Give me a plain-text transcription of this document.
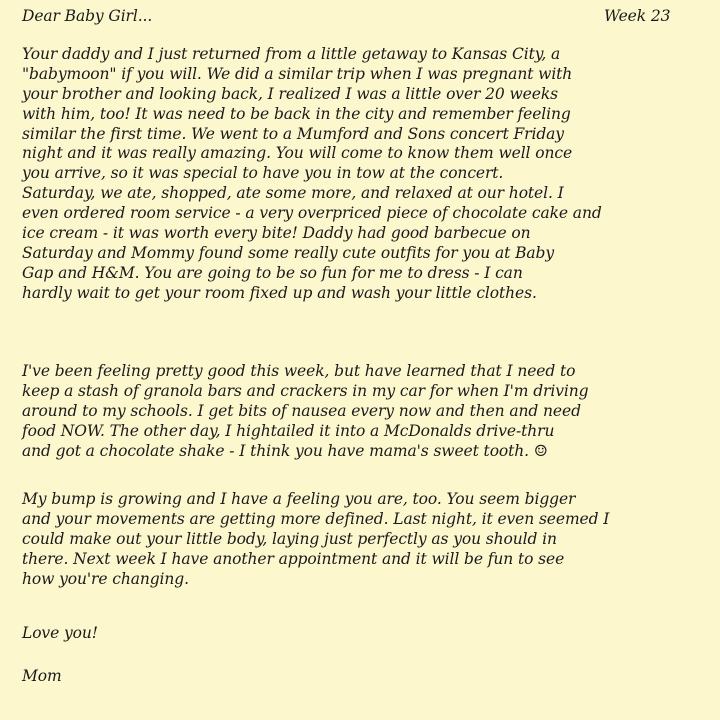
Dear Baby Girl...	Week 23
Your daddy and I just returned from a little getaway to Kansas City, a
"babymoon" if you will. We did a similar trip when I was pregnant with
your brother and looking back, I realized I was a little over 20 weeks
with him, too! It was need to be back in the city and remember feeling
similar the first time. We went to a Mumford and Sons concert Friday
night and it was really amazing. You will come to know them well once
you arrive, so it was special to have you in tow at the concert.
Saturday, we ate, shopped, ate some more, and relaxed at our hotel. I
even ordered room service - a very overpriced piece of chocolate cake and
ice cream - it was worth every bite! Daddy had good barbecue on
Saturday and Mommy found some really cute outfits for you at Baby
Gap and H&M. You are going to be so fun for me to dress - I can
hardly wait to get your room fixed up and wash your little clothes.
I've been feeling pretty good this week, but have learned that I need to
keep a stash of granola bars and crackers in my car for when I'm driving
around to my schools. I get bits of nausea every now and then and need
food NOW. The other day, I hightailed it into a McDonalds drive-thru
and got a chocolate shake - I think you have mama's sweet tooth. ☺
My bump is growing and I have a feeling you are, too. You seem bigger
and your movements are getting more defined. Last night, it even seemed I
could make out your little body, laying just perfectly as you should in
there. Next week I have another appointment and it will be fun to see
how you're changing.
Love you!
Mom
